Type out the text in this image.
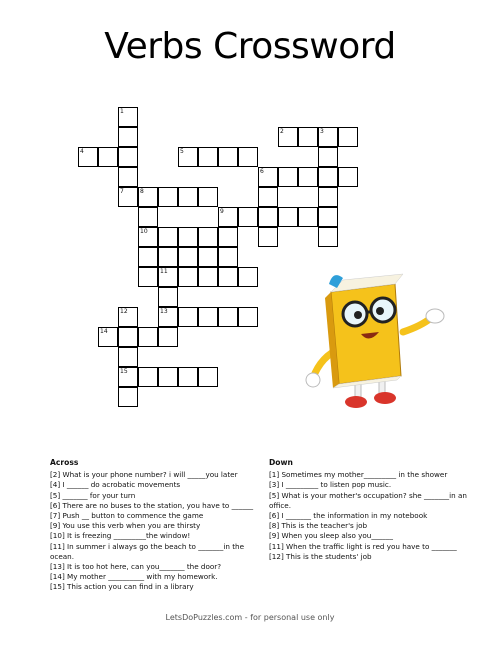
Verbs Crossword
1
2	3
4	5
6
7	8
10
9
11
12	13
14
15
Across
[2] What is your phone number? i will _____you later
[4] I ______ do acrobatic movements
[5] _______ for your turn
[6] There are no buses to the station, you have to ______
[7] Push __ button to commence the game
[9] You use this verb when you are thirsty
[10] It is freezing _________the window!
[11] In summer i always go the beach to _______in the ocean.
[13] It is too hot here, can you_______ the door?
[14] My mother __________ with my homework.
[15] This action you can find in a library
Down
[1] Sometimes my mother_________ in the shower
[3] I _________ to listen pop music.
[5] What is your mother's occupation? she _______in an office.
[6] I _______ the information in my notebook
[8] This is the teacher's job
[9] When you sleep also you______
[11] When the traffic light is red you have to _______
[12] This is the students' job
LetsDoPuzzles.com - for personal use only
